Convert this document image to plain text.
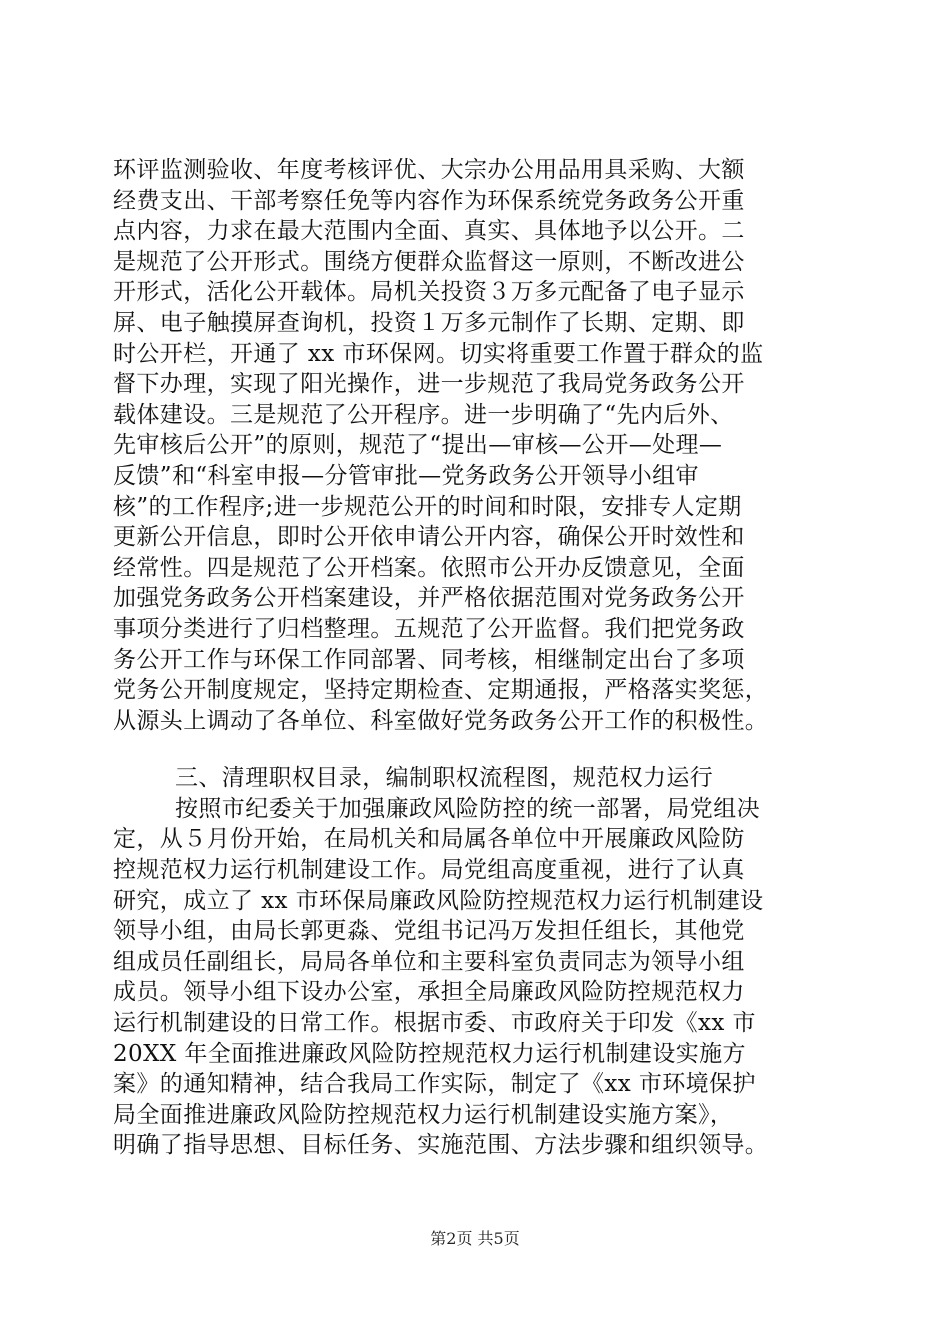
环评监测验收、年度考核评优、大宗办公用品用具采购、大额
经费支出、干部考察任免等内容作为环保系统党务政务公开重
点内容，力求在最大范围内全面、真实、具体地予以公开。二
是规范了公开形式。围绕方便群众监督这一原则，不断改进公
开形式，活化公开载体。局机关投资３万多元配备了电子显示
屏、电子触摸屏查询机，投资１万多元制作了长期、定期、即
时公开栏，开通了 xx 市环保网。切实将重要工作置于群众的监
督下办理，实现了阳光操作，进一步规范了我局党务政务公开
载体建设。三是规范了公开程序。进一步明确了“先内后外、
先审核后公开”的原则，规范了“提出—审核—公开—处理—
反馈”和“科室申报—分管审批—党务政务公开领导小组审
核”的工作程序;进一步规范公开的时间和时限，安排专人定期
更新公开信息，即时公开依申请公开内容，确保公开时效性和
经常性。四是规范了公开档案。依照市公开办反馈意见，全面
加强党务政务公开档案建设，并严格依据范围对党务政务公开
事项分类进行了归档整理。五规范了公开监督。我们把党务政
务公开工作与环保工作同部署、同考核，相继制定出台了多项
党务公开制度规定，坚持定期检查、定期通报，严格落实奖惩，
从源头上调动了各单位、科室做好党务政务公开工作的积极性。
三、清理职权目录，编制职权流程图，规范权力运行
按照市纪委关于加强廉政风险防控的统一部署，局党组决
定，从５月份开始，在局机关和局属各单位中开展廉政风险防
控规范权力运行机制建设工作。局党组高度重视，进行了认真
研究，成立了 xx 市环保局廉政风险防控规范权力运行机制建设
领导小组，由局长郭更淼、党组书记冯万发担任组长，其他党
组成员任副组长，局局各单位和主要科室负责同志为领导小组
成员。领导小组下设办公室，承担全局廉政风险防控规范权力
运行机制建设的日常工作。根据市委、市政府关于印发《xx 市
20XX 年全面推进廉政风险防控规范权力运行机制建设实施方
案》的通知精神，结合我局工作实际，制定了《xx 市环境保护
局全面推进廉政风险防控规范权力运行机制建设实施方案》，
明确了指导思想、目标任务、实施范围、方法步骤和组织领导。
第2页 共5页
